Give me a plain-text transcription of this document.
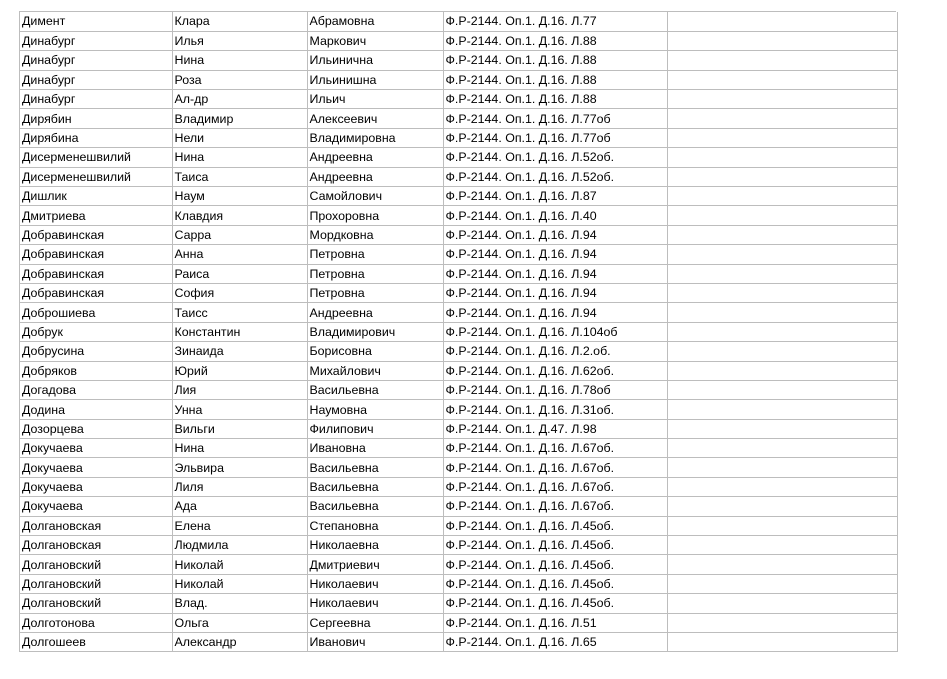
Димент	Клара	Абрамовна	Ф.Р-2144. Оп.1. Д.16. Л.77	
Динабург	Илья	Маркович	Ф.Р-2144. Оп.1. Д.16. Л.88	
Динабург	Нина	Ильинична	Ф.Р-2144. Оп.1. Д.16. Л.88	
Динабург	Роза	Ильинишна	Ф.Р-2144. Оп.1. Д.16. Л.88	
Динабург	Ал-др	Ильич	Ф.Р-2144. Оп.1. Д.16. Л.88	
Дирябин	Владимир	Алексеевич	Ф.Р-2144. Оп.1. Д.16. Л.77об	
Дирябина	Нели	Владимировна	Ф.Р-2144. Оп.1. Д.16. Л.77об	
Дисерменешвилий	Нина	Андреевна	Ф.Р-2144. Оп.1. Д.16. Л.52об.	
Дисерменешвилий	Таиса	Андреевна	Ф.Р-2144. Оп.1. Д.16. Л.52об.	
Дишлик	Наум	Самойлович	Ф.Р-2144. Оп.1. Д.16. Л.87	
Дмитриева	Клавдия	Прохоровна	Ф.Р-2144. Оп.1. Д.16. Л.40	
Добравинская	Сарра	Мордковна	Ф.Р-2144. Оп.1. Д.16. Л.94	
Добравинская	Анна	Петровна	Ф.Р-2144. Оп.1. Д.16. Л.94	
Добравинская	Раиса	Петровна	Ф.Р-2144. Оп.1. Д.16. Л.94	
Добравинская	София	Петровна	Ф.Р-2144. Оп.1. Д.16. Л.94	
Доброшиева	Таисс	Андреевна	Ф.Р-2144. Оп.1. Д.16. Л.94	
Добрук	Константин	Владимирович	Ф.Р-2144. Оп.1. Д.16. Л.104об	
Добрусина	Зинаида	Борисовна	Ф.Р-2144. Оп.1. Д.16. Л.2.об.	
Добряков	Юрий	Михайлович	Ф.Р-2144. Оп.1. Д.16. Л.62об.	
Догадова	Лия	Васильевна	Ф.Р-2144. Оп.1. Д.16. Л.78об	
Додина	Унна	Наумовна	Ф.Р-2144. Оп.1. Д.16. Л.31об.	
Дозорцева	Вильги	Филипович	Ф.Р-2144. Оп.1. Д.47. Л.98	
Докучаева	Нина	Ивановна	Ф.Р-2144. Оп.1. Д.16. Л.67об.	
Докучаева	Эльвира	Васильевна	Ф.Р-2144. Оп.1. Д.16. Л.67об.	
Докучаева	Лиля	Васильевна	Ф.Р-2144. Оп.1. Д.16. Л.67об.	
Докучаева	Ада	Васильевна	Ф.Р-2144. Оп.1. Д.16. Л.67об.	
Долгановская	Елена	Степановна	Ф.Р-2144. Оп.1. Д.16. Л.45об.	
Долгановская	Людмила	Николаевна	Ф.Р-2144. Оп.1. Д.16. Л.45об.	
Долгановский	Николай	Дмитриевич	Ф.Р-2144. Оп.1. Д.16. Л.45об.	
Долгановский	Николай	Николаевич	Ф.Р-2144. Оп.1. Д.16. Л.45об.	
Долгановский	Влад.	Николаевич	Ф.Р-2144. Оп.1. Д.16. Л.45об.	
Долготонова	Ольга	Сергеевна	Ф.Р-2144. Оп.1. Д.16. Л.51	
Долгошеев	Александр	Иванович	Ф.Р-2144. Оп.1. Д.16. Л.65	
